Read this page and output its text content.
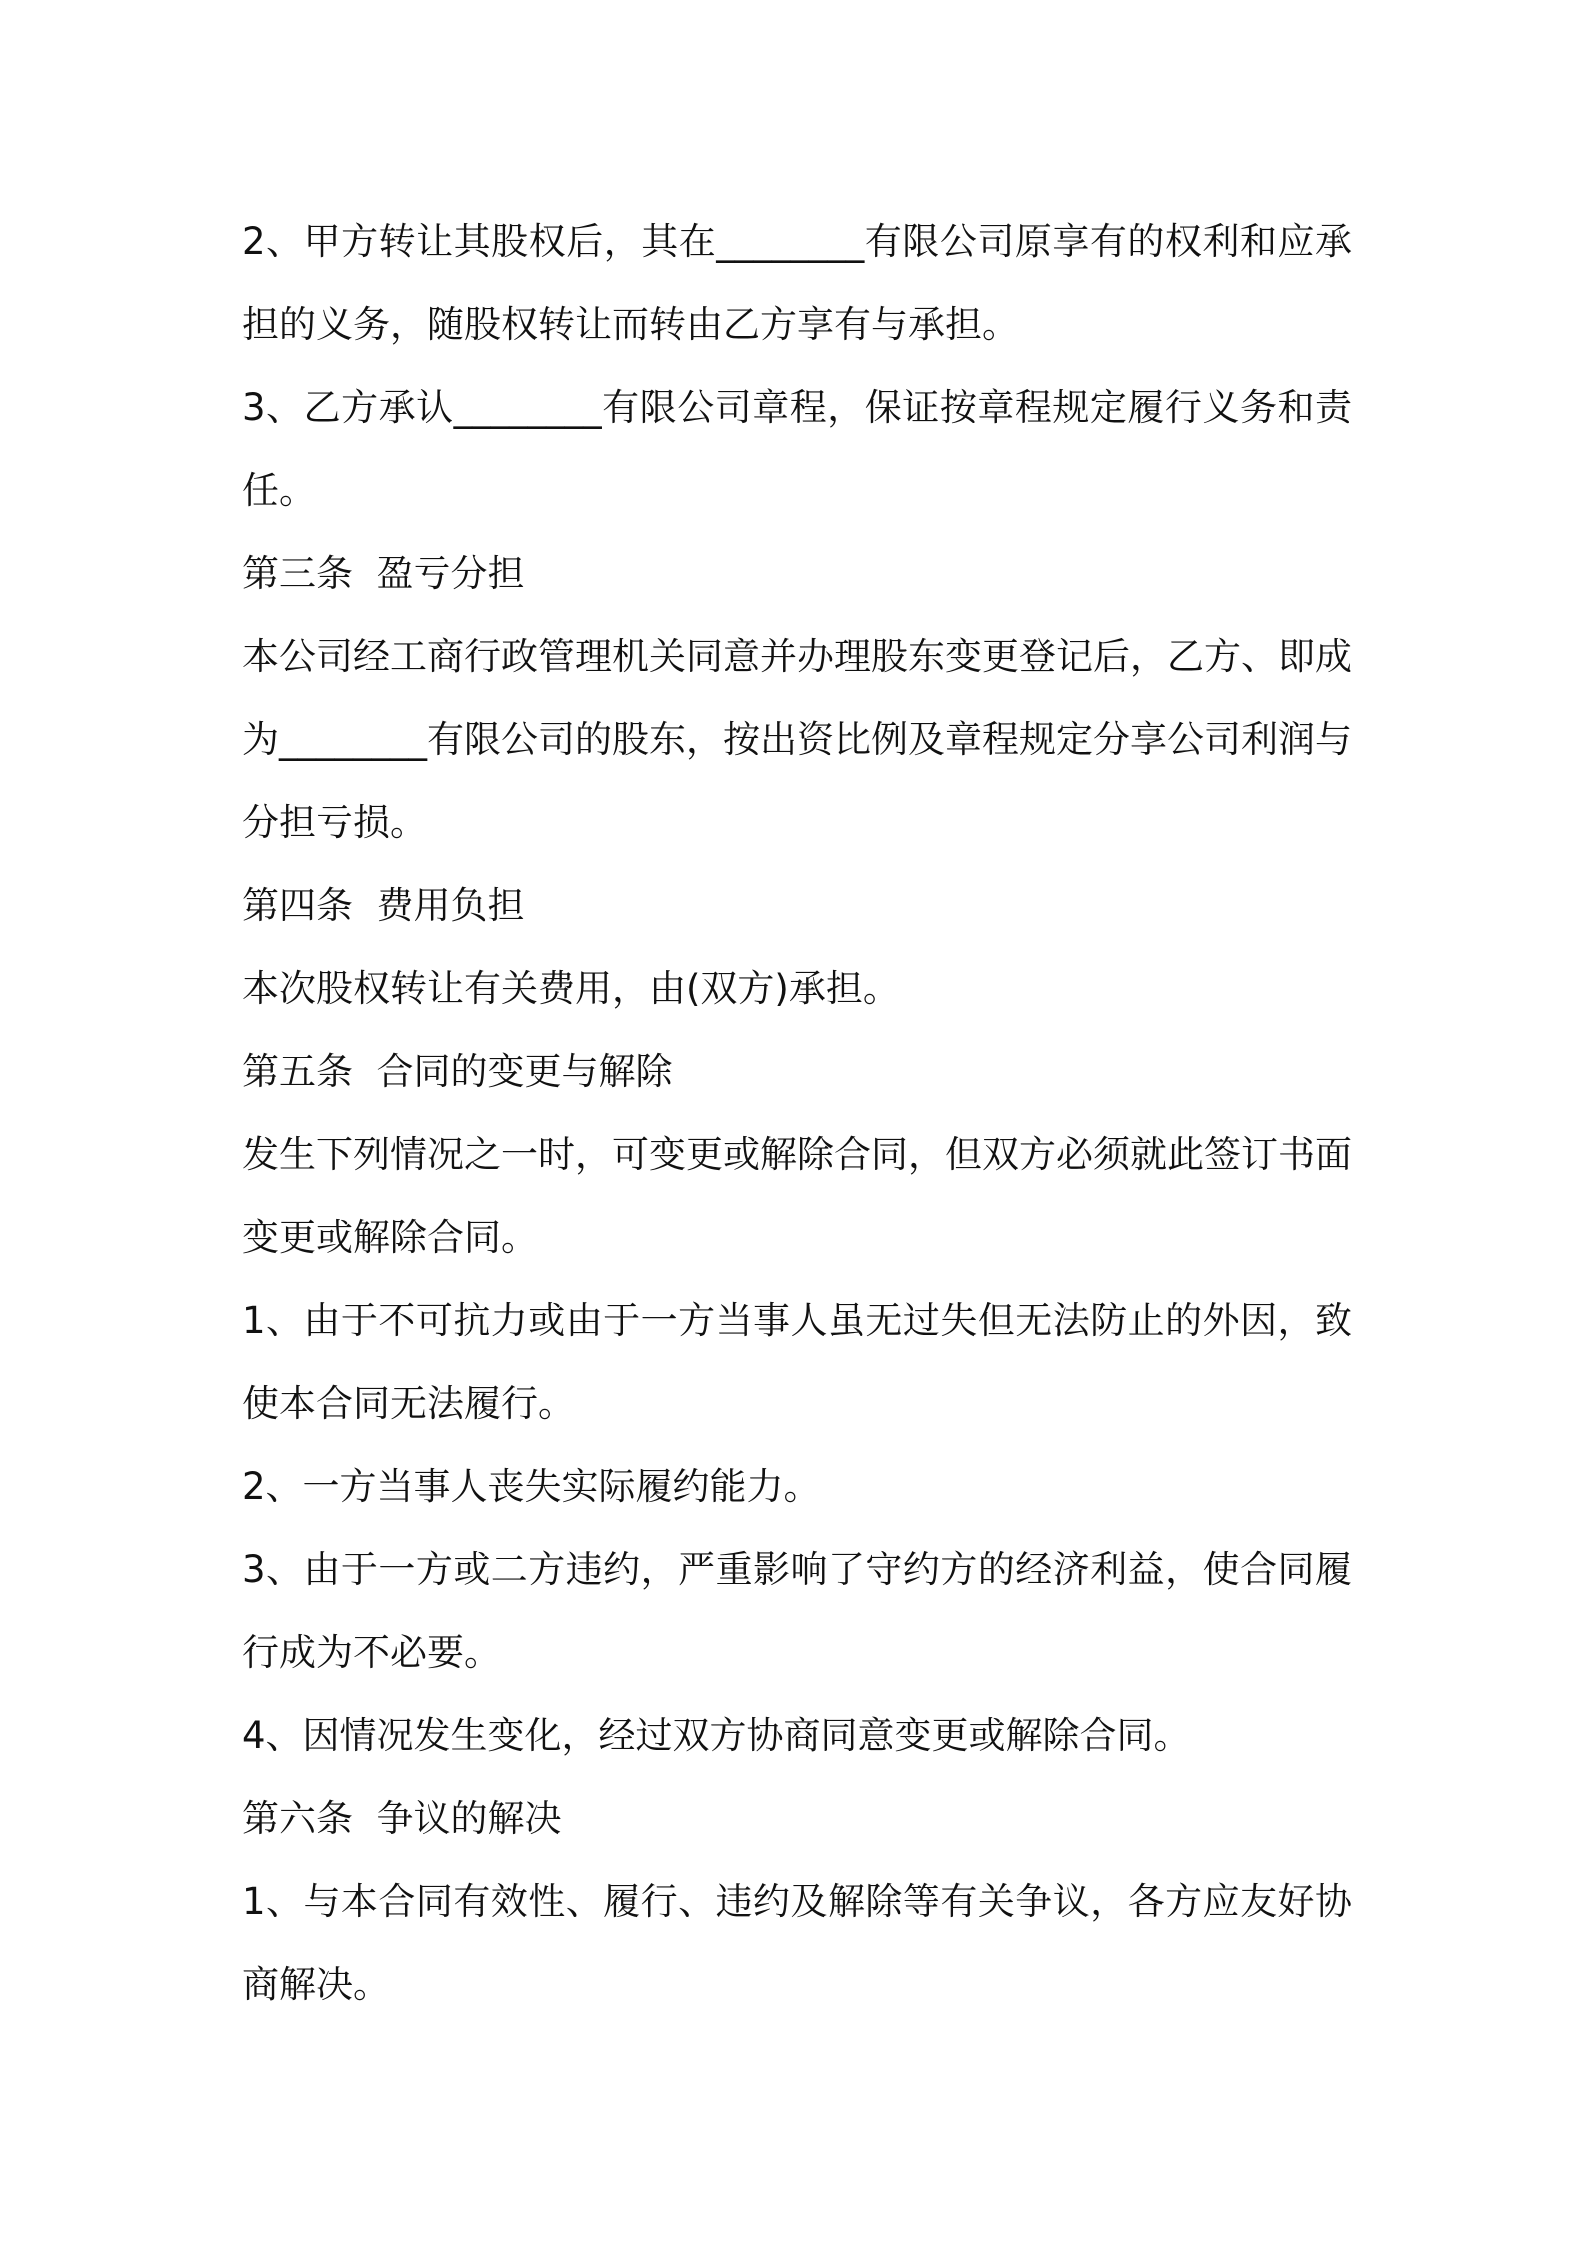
2、甲方转让其股权后，其在________有限公司原享有的权利和应承担的义务，随股权转让而转由乙方享有与承担。

3、乙方承认________有限公司章程，保证按章程规定履行义务和责任。

第三条  盈亏分担

本公司经工商行政管理机关同意并办理股东变更登记后，乙方、即成为________有限公司的股东，按出资比例及章程规定分享公司利润与分担亏损。

第四条  费用负担

本次股权转让有关费用，由(双方)承担。

第五条  合同的变更与解除

发生下列情况之一时，可变更或解除合同，但双方必须就此签订书面变更或解除合同。

1、由于不可抗力或由于一方当事人虽无过失但无法防止的外因，致使本合同无法履行。

2、一方当事人丧失实际履约能力。

3、由于一方或二方违约，严重影响了守约方的经济利益，使合同履行成为不必要。

4、因情况发生变化，经过双方协商同意变更或解除合同。

第六条  争议的解决

1、与本合同有效性、履行、违约及解除等有关争议，各方应友好协商解决。
